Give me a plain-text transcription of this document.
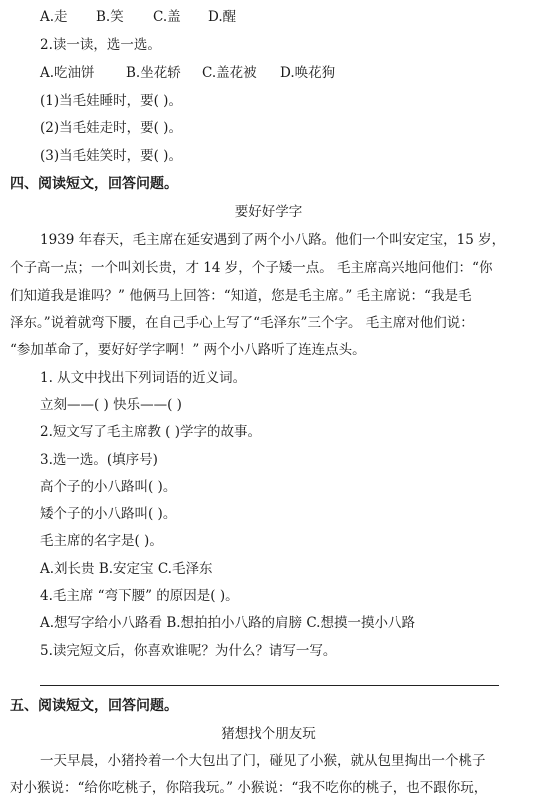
A.走 B.笑 C.盖 D.醒
2.读一读，选一选。
A.吃油饼 B.坐花轿 C.盖花被 D.唤花狗
(1)当毛娃睡时，要( )。
(2)当毛娃走时，要( )。
(3)当毛娃笑时，要( )。
四、阅读短文，回答问题。
要好好学字
1939 年春天，毛主席在延安遇到了两个小八路。他们一个叫安定宝，15 岁，
个子高一点；一个叫刘长贵，才 14 岁，个子矮一点。 毛主席高兴地问他们：“你
们知道我是谁吗？” 他俩马上回答：“知道，您是毛主席。” 毛主席说：“我是毛
泽东。”说着就弯下腰，在自己手心上写了“毛泽东”三个字。 毛主席对他们说：
“参加革命了，要好好学字啊！” 两个小八路听了连连点头。
1. 从文中找出下列词语的近义词。
立刻——( ) 快乐——( )
2.短文写了毛主席教 ( )学字的故事。
3.选一选。(填序号)
高个子的小八路叫( )。
矮个子的小八路叫( )。
毛主席的名字是( )。
A.刘长贵 B.安定宝 C.毛泽东
4.毛主席 “弯下腰” 的原因是( )。
A.想写字给小八路看 B.想拍拍小八路的肩膀 C.想摸一摸小八路
5.读完短文后，你喜欢谁呢？为什么？请写一写。
五、阅读短文，回答问题。
猪想找个朋友玩
一天早晨，小猪拎着一个大包出了门，碰见了小猴，就从包里掏出一个桃子
对小猴说：“给你吃桃子，你陪我玩。” 小猴说：“我不吃你的桃子，也不跟你玩，
